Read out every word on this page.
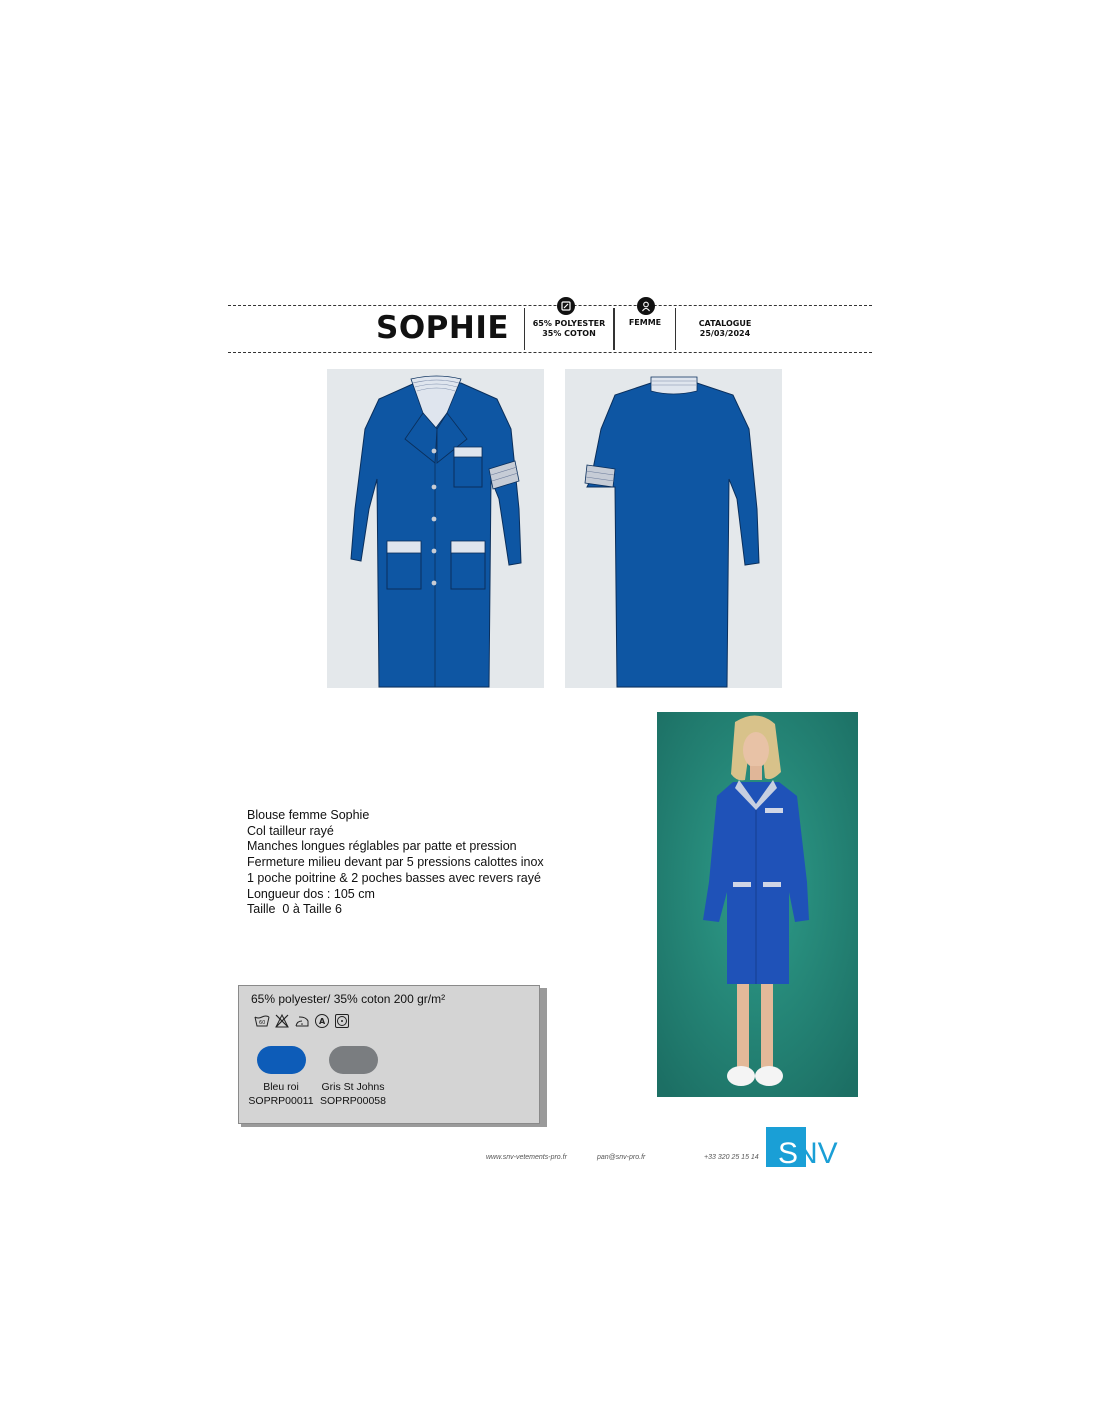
SOPHIE	65% POLYESTER
35% COTON
FEMME	CATALOGUE
25/03/2024
Blouse femme Sophie
Col tailleur rayé
Manches longues réglables par patte et pression
Fermeture milieu devant par 5 pressions calottes inox
1 poche poitrine & 2 poches basses avec revers rayé
Longueur dos : 105 cm
Taille  0 à Taille 6
65% polyester/ 35% coton 200 gr/m²
60	A
Bleu roi
SOPRP00011
Gris St Johns
SOPRP00058
www.snv-vetements-pro.fr	pan@snv-pro.fr	+33 320 25 15 14 S
NV
